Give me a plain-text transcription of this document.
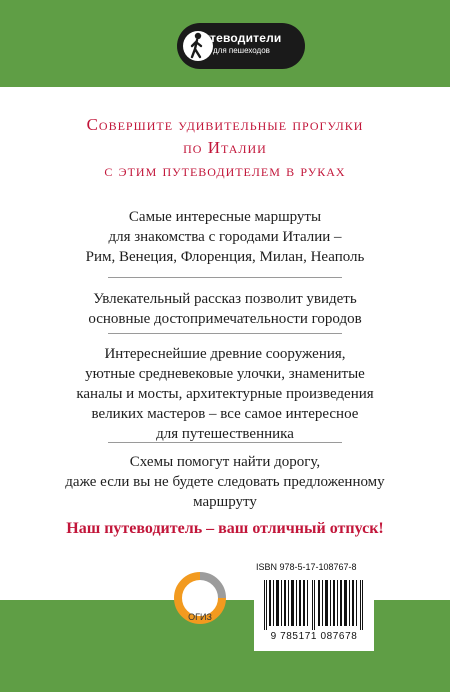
утеводители
для пешеходов
Совершите удивительные прогулки
по Италии
с этим путеводителем в руках
Самые интересные маршруты
для знакомства с городами Италии –
Рим, Венеция, Флоренция, Милан, Неаполь
Увлекательный рассказ позволит увидеть
основные достопримечательности городов
Интереснейшие древние сооружения,
уютные средневековые улочки, знаменитые
каналы и мосты, архитектурные произведения
великих мастеров – все самое интересное
для путешественника
Схемы помогут найти дорогу,
даже если вы не будете следовать предложенному
маршруту
Наш путеводитель – ваш отличный отпуск!
ОГИЗ
ISBN 978-5-17-108767-8
9 785171 087678
